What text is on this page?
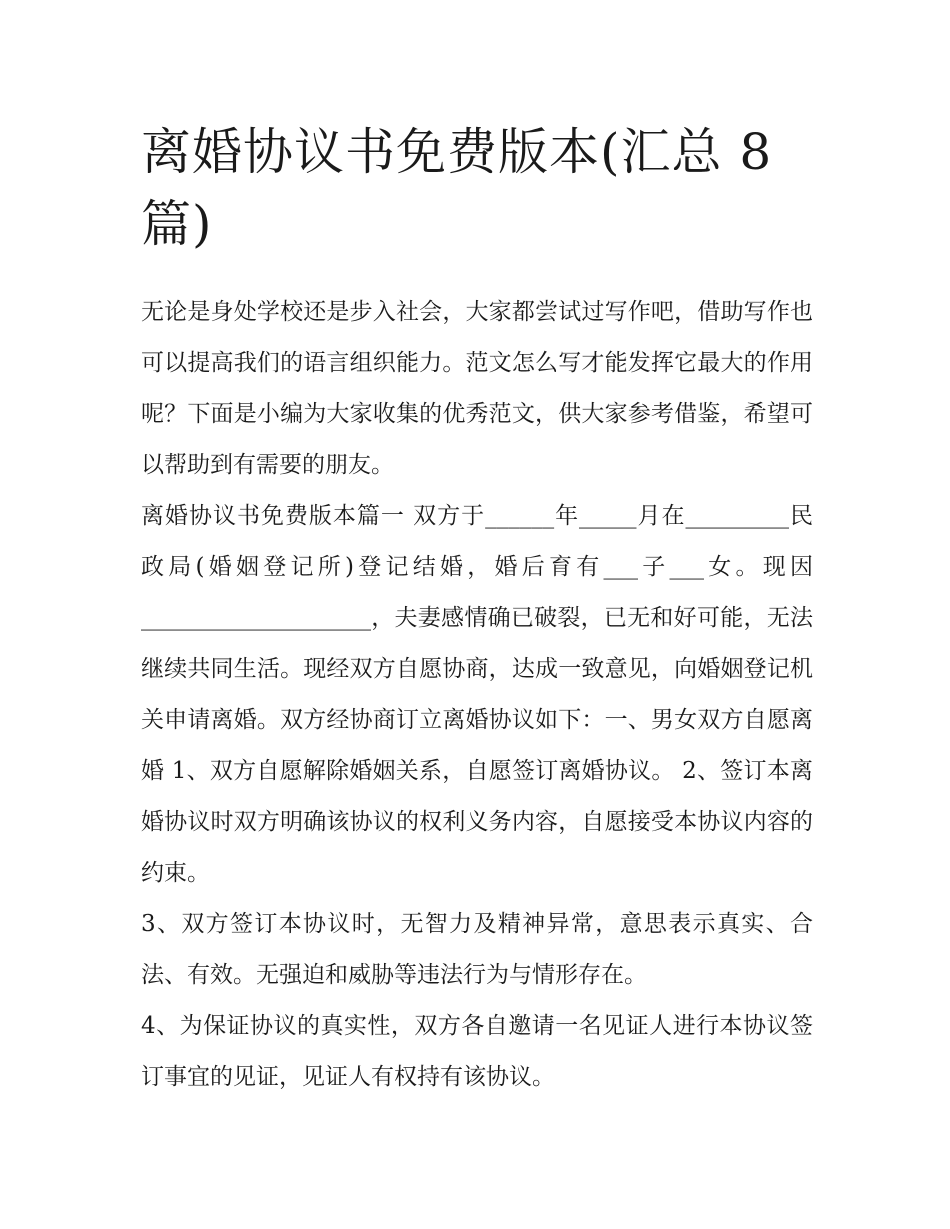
离婚协议书免费版本(汇总 8 篇)

无论是身处学校还是步入社会，大家都尝试过写作吧，借助写作也可以提高我们的语言组织能力。范文怎么写才能发挥它最大的作用呢？下面是小编为大家收集的优秀范文，供大家参考借鉴，希望可以帮助到有需要的朋友。

离婚协议书免费版本篇一 双方于______年_____月在_________民政局(婚姻登记所)登记结婚，婚后育有___子___女。现因____________________，夫妻感情确已破裂，已无和好可能，无法继续共同生活。现经双方自愿协商，达成一致意见，向婚姻登记机关申请离婚。双方经协商订立离婚协议如下：一、男女双方自愿离婚 1、双方自愿解除婚姻关系，自愿签订离婚协议。 2、签订本离婚协议时双方明确该协议的权利义务内容，自愿接受本协议内容的约束。

3、双方签订本协议时，无智力及精神异常，意思表示真实、合法、有效。无强迫和威胁等违法行为与情形存在。

4、为保证协议的真实性，双方各自邀请一名见证人进行本协议签订事宜的见证，见证人有权持有该协议。
